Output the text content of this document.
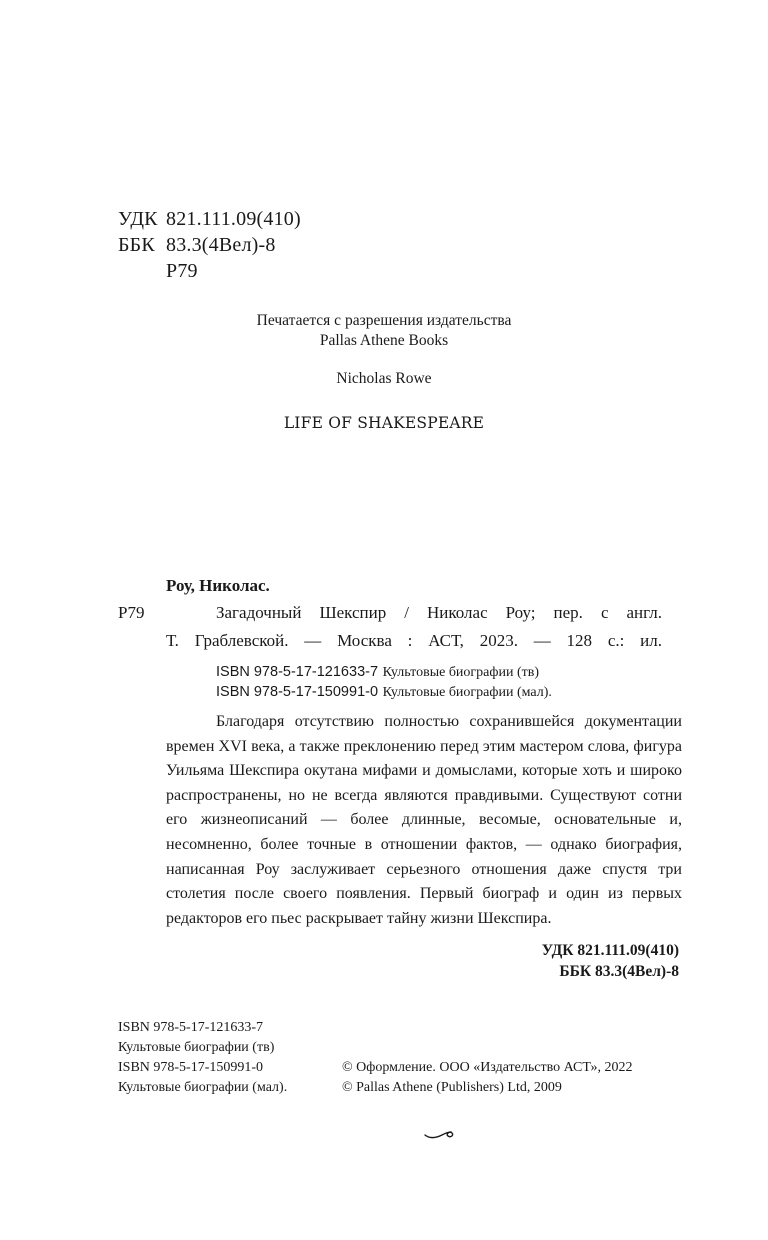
УДК 821.111.09(410)
ББК 83.3(4Вел)-8
Р79
Печатается с разрешения издательства
Pallas Athene Books
Nicholas Rowe
LIFE OF SHAKESPEARE
Роу, Николас.
Р79	Загадочный Шекспир / Николас Роу; пер. с англ.
Т. Граблевской. — Москва : АСТ, 2023. — 128 с.: ил.
ISBN 978-5-17-121633-7 Культовые биографии (тв)
ISBN 978-5-17-150991-0 Культовые биографии (мал).

Благодаря отсутствию полностью сохранившейся документации времен XVI века, а также преклонению перед этим мастером слова, фигура Уильяма Шекспира окутана мифами и домыслами, которые хоть и широко распространены, но не всегда являются правдивыми. Существуют сотни его жизнеописаний — более длинные, весомые, основательные и, несомненно, более точные в отношении фактов, — однако биография, написанная Роу заслуживает серьезного отношения даже спустя три столетия после своего появления. Первый биограф и один из первых редакторов его пьес раскрывает тайну жизни Шекспира.

УДК 821.111.09(410)
ББК 83.3(4Вел)-8
ISBN 978-5-17-121633-7
Культовые биографии (тв)
ISBN 978-5-17-150991-0
Культовые биографии (мал).
© Оформление. ООО «Издательство АСТ», 2022
© Pallas Athene (Publishers) Ltd, 2009
